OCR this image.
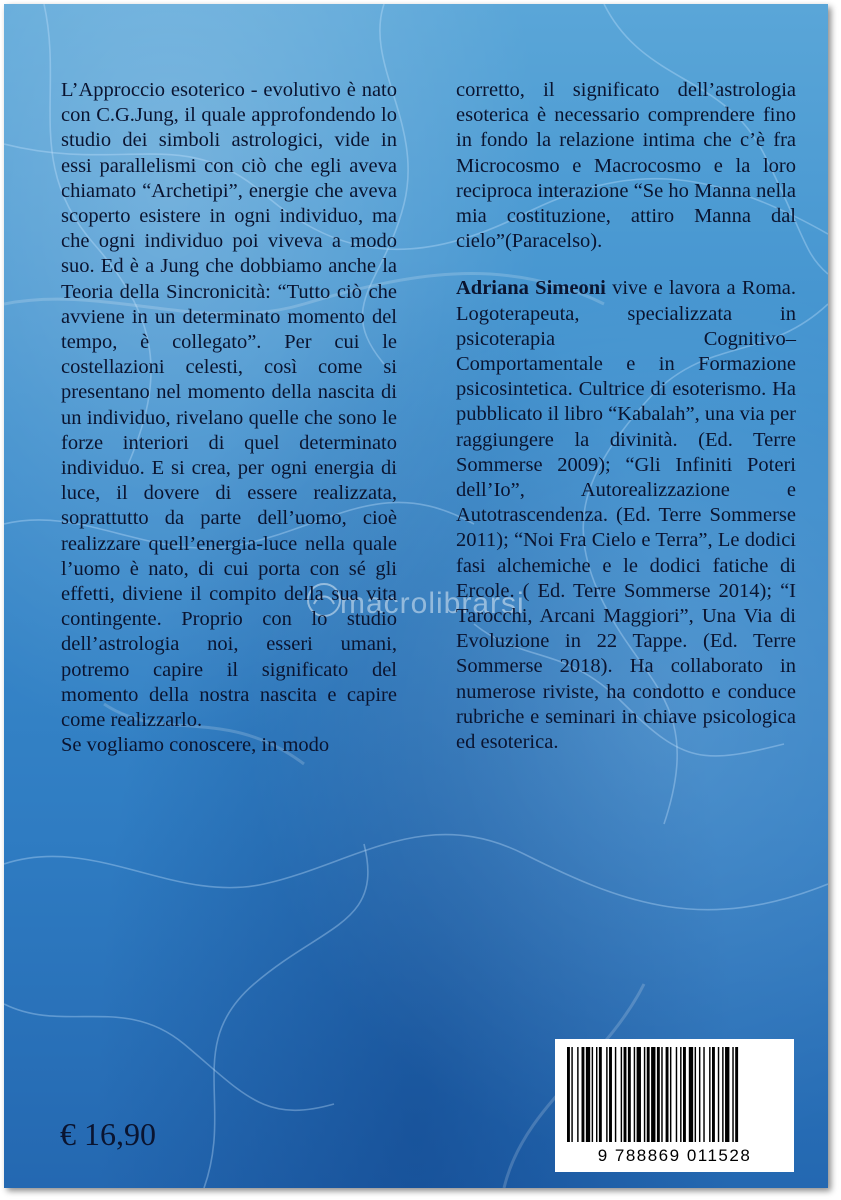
macrolibrarsi

L’Approccio esoterico - evolutivo è nato con C.G.Jung, il quale approfondendo lo studio dei simboli astrologici, vide in essi parallelismi con ciò che egli aveva chiamato “Archetipi”, energie che aveva scoperto esistere in ogni individuo, ma che ogni individuo poi viveva a modo suo. Ed è a Jung che dobbiamo anche la Teoria della Sincronicità: “Tutto ciò che avviene in un determinato momento del tempo, è collegato”. Per cui le costellazioni celesti, così come si presentano nel momento della nascita di un individuo, rivelano quelle che sono le forze interiori di quel determinato individuo. E si crea, per ogni energia di luce, il dovere di essere realizzata, soprattutto da parte dell’uomo, cioè realizzare quell’energia-luce nella quale l’uomo è nato, di cui porta con sé gli effetti, diviene il compito della sua vita contingente. Proprio con lo studio dell’astrologia noi, esseri umani, potremo capire il significato del momento della nostra nascita e capire come realizzarlo.

Se vogliamo conoscere, in modo

corretto, il significato dell’astrologia esoterica è necessario comprendere fino in fondo la relazione intima che c’è fra Microcosmo e Macrocosmo e la loro reciproca interazione “Se ho Manna nella mia costituzione, attiro Manna dal cielo”(Paracelso).

Adriana Simeoni vive e lavora a Roma. Logoterapeuta, specializzata in psicoterapia Cognitivo–Comportamentale e in Formazione psicosintetica. Cultrice di esoterismo. Ha pubblicato il libro “Kabalah”, una via per raggiungere la divinità. (Ed. Terre Sommerse 2009); “Gli Infiniti Poteri dell’Io”, Autorealizzazione e Autotrascendenza. (Ed. Terre Sommerse 2011); “Noi Fra Cielo e Terra”, Le dodici fasi alchemiche e le dodici fatiche di Ercole. ( Ed. Terre Sommerse 2014); “I Tarocchi, Arcani Maggiori”, Una Via di Evoluzione in 22 Tappe. (Ed. Terre Sommerse 2018). Ha collaborato in numerose riviste, ha condotto e conduce rubriche e seminari in chiave psicologica ed esoterica.

€ 16,90
9 788869 011528
